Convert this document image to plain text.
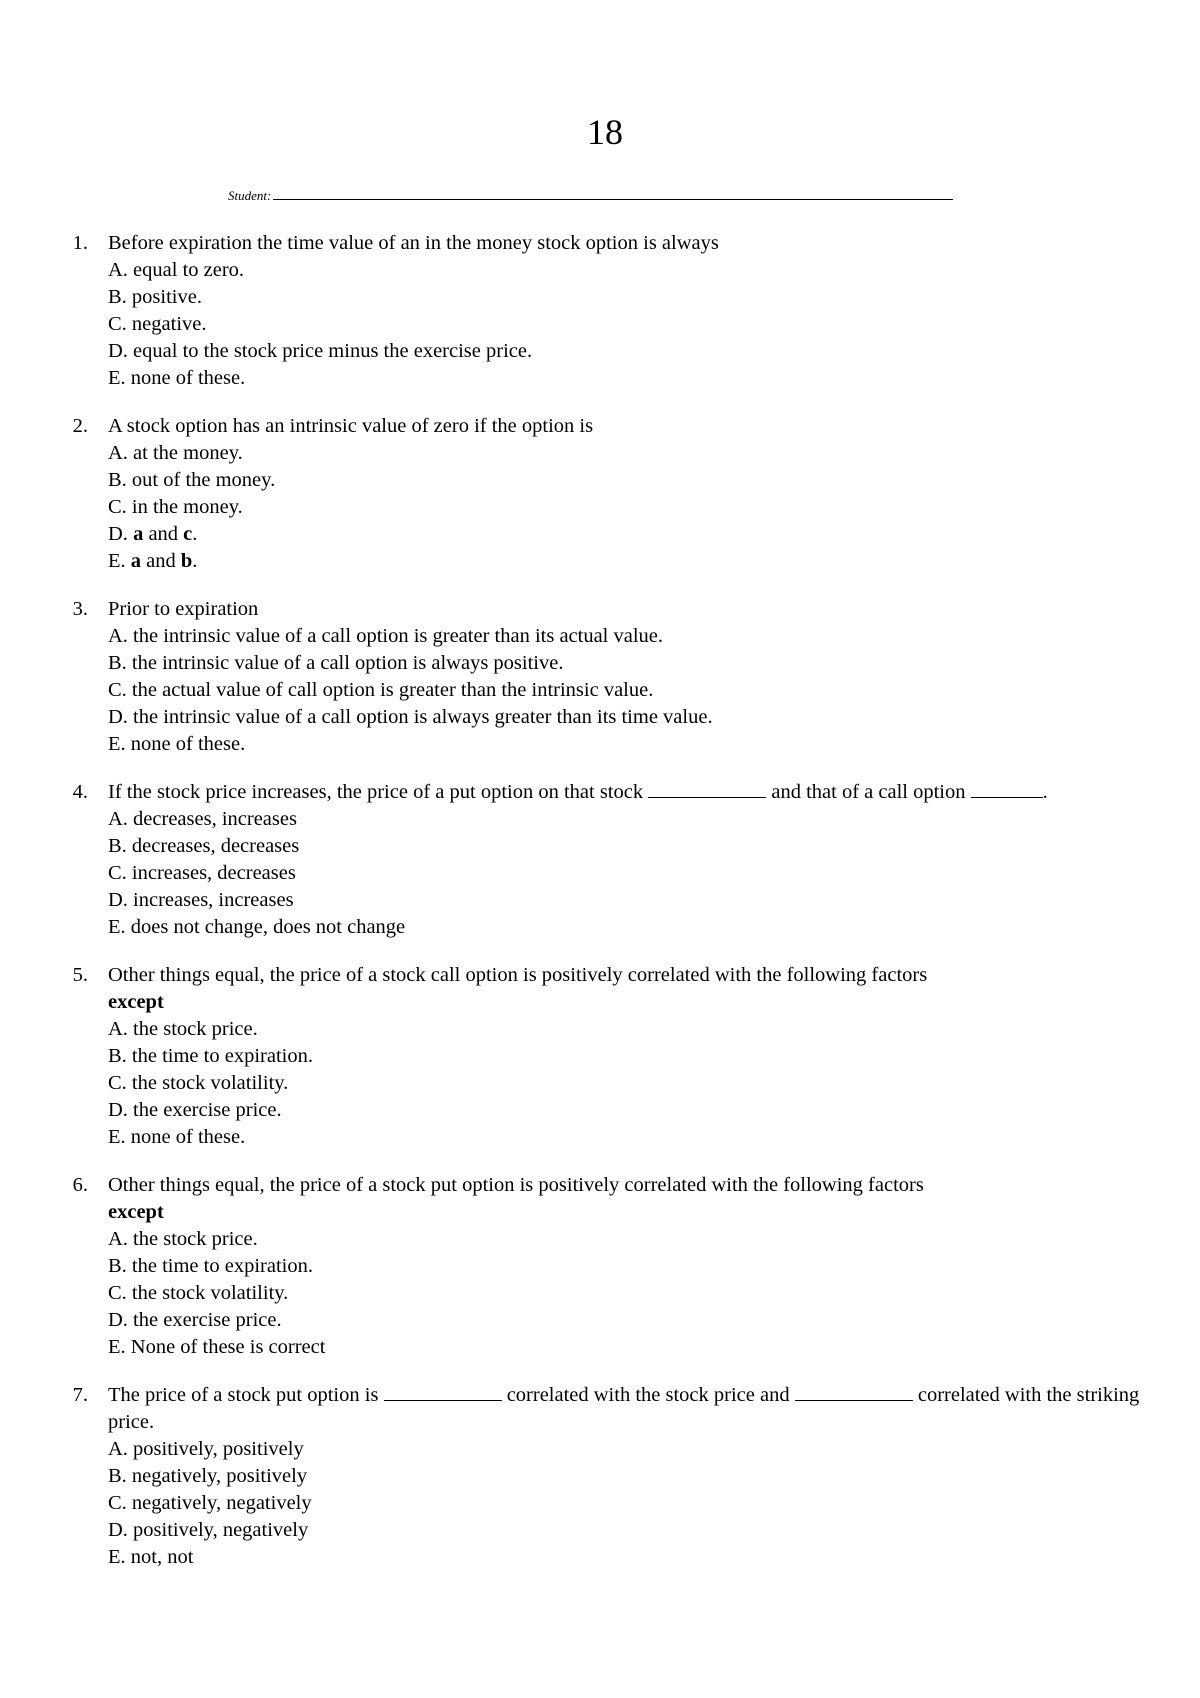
18
Student:
1. Before expiration the time value of an in the money stock option is always
A. equal to zero.
B. positive.
C. negative.
D. equal to the stock price minus the exercise price.
E. none of these.
2. A stock option has an intrinsic value of zero if the option is
A. at the money.
B. out of the money.
C. in the money.
D. a and c.
E. a and b.
3. Prior to expiration
A. the intrinsic value of a call option is greater than its actual value.
B. the intrinsic value of a call option is always positive.
C. the actual value of call option is greater than the intrinsic value.
D. the intrinsic value of a call option is always greater than its time value.
E. none of these.
4. If the stock price increases, the price of a put option on that stock	and that of a call option	.
A. decreases, increases
B. decreases, decreases
C. increases, decreases
D. increases, increases
E. does not change, does not change
5. Other things equal, the price of a stock call option is positively correlated with the following factors
except
A. the stock price.
B. the time to expiration.
C. the stock volatility.
D. the exercise price.
E. none of these.
6. Other things equal, the price of a stock put option is positively correlated with the following factors
except
A. the stock price.
B. the time to expiration.
C. the stock volatility.
D. the exercise price.
E. None of these is correct
7. The price of a stock put option is	correlated with the stock price and	correlated with the striking price.
A. positively, positively
B. negatively, positively
C. negatively, negatively
D. positively, negatively
E. not, not
